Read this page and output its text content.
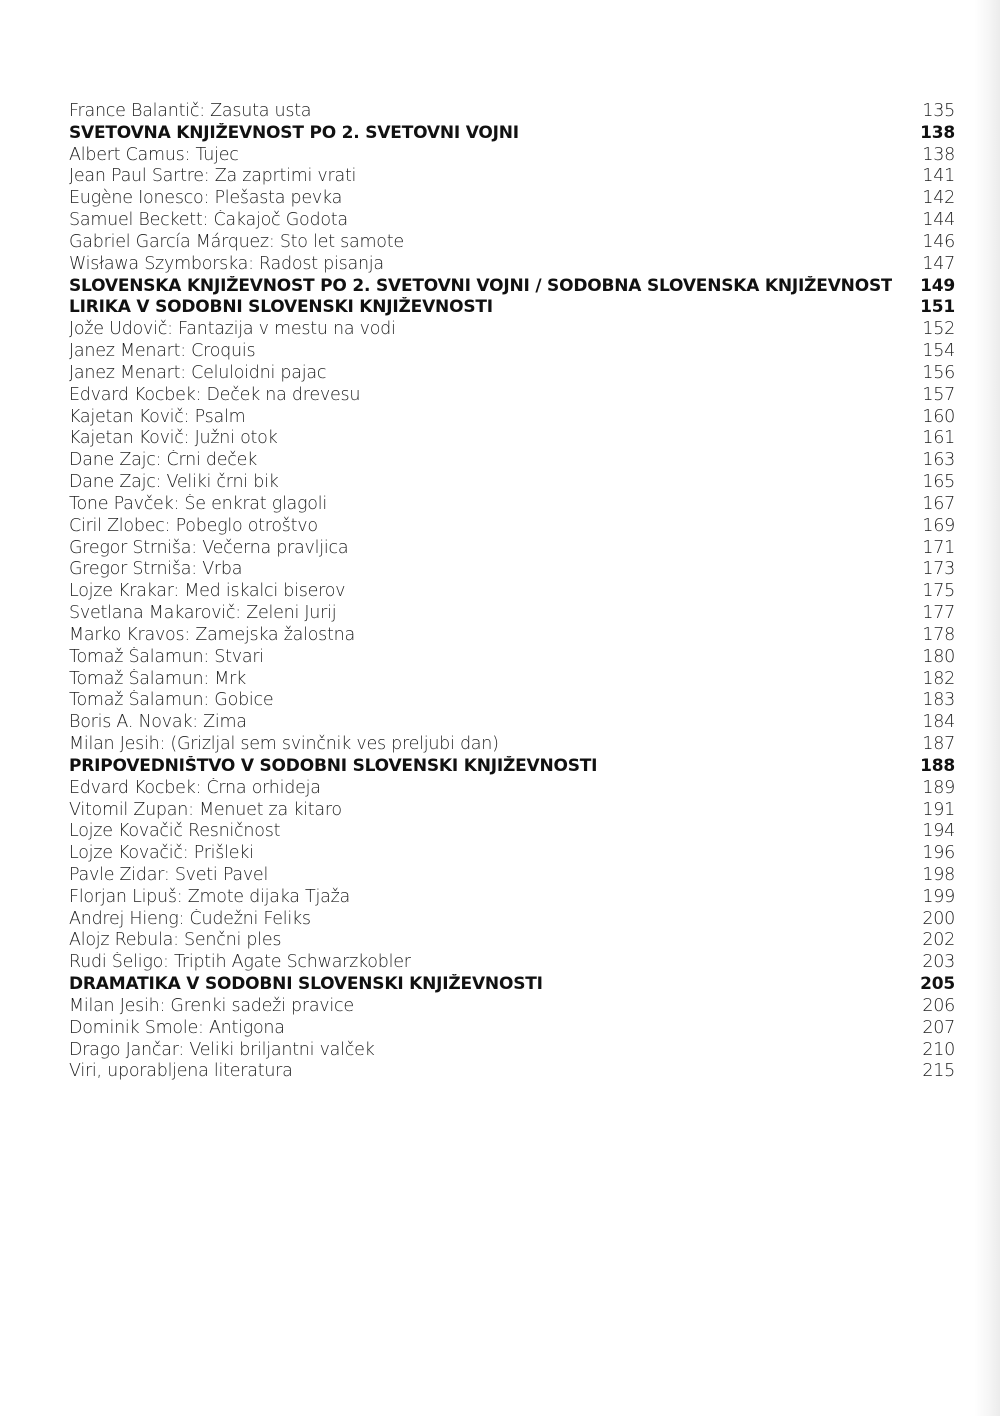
France Balantič: Zasuta usta	135
SVETOVNA KNJIŽEVNOST PO 2. SVETOVNI VOJNI	138
Albert Camus: Tujec	138
Jean Paul Sartre: Za zaprtimi vrati	141
Eugène Ionesco: Plešasta pevka	142
Samuel Beckett: Čakajoč Godota	144
Gabriel García Márquez: Sto let samote	146
Wisława Szymborska: Radost pisanja	147
SLOVENSKA KNJIŽEVNOST PO 2. SVETOVNI VOJNI / SODOBNA SLOVENSKA KNJIŽEVNOST	149
LIRIKA V SODOBNI SLOVENSKI KNJIŽEVNOSTI	151
Jože Udovič: Fantazija v mestu na vodi	152
Janez Menart: Croquis	154
Janez Menart: Celuloidni pajac	156
Edvard Kocbek: Deček na drevesu	157
Kajetan Kovič: Psalm	160
Kajetan Kovič: Južni otok	161
Dane Zajc: Črni deček	163
Dane Zajc: Veliki črni bik	165
Tone Pavček: Še enkrat glagoli	167
Ciril Zlobec: Pobeglo otroštvo	169
Gregor Strniša: Večerna pravljica	171
Gregor Strniša: Vrba	173
Lojze Krakar: Med iskalci biserov	175
Svetlana Makarovič: Zeleni Jurij	177
Marko Kravos: Zamejska žalostna	178
Tomaž Šalamun: Stvari	180
Tomaž Šalamun: Mrk	182
Tomaž Šalamun: Gobice	183
Boris A. Novak: Zima	184
Milan Jesih: (Grizljal sem svinčnik ves preljubi dan)	187
PRIPOVEDNIŠTVO V SODOBNI SLOVENSKI KNJIŽEVNOSTI	188
Edvard Kocbek: Črna orhideja	189
Vitomil Zupan: Menuet za kitaro	191
Lojze Kovačič Resničnost	194
Lojze Kovačič: Prišleki	196
Pavle Zidar: Sveti Pavel	198
Florjan Lipuš: Zmote dijaka Tjaža	199
Andrej Hieng: Čudežni Feliks	200
Alojz Rebula: Senčni ples	202
Rudi Šeligo: Triptih Agate Schwarzkobler	203
DRAMATIKA V SODOBNI SLOVENSKI KNJIŽEVNOSTI	205
Milan Jesih: Grenki sadeži pravice	206
Dominik Smole: Antigona	207
Drago Jančar: Veliki briljantni valček	210
Viri, uporabljena literatura	215
